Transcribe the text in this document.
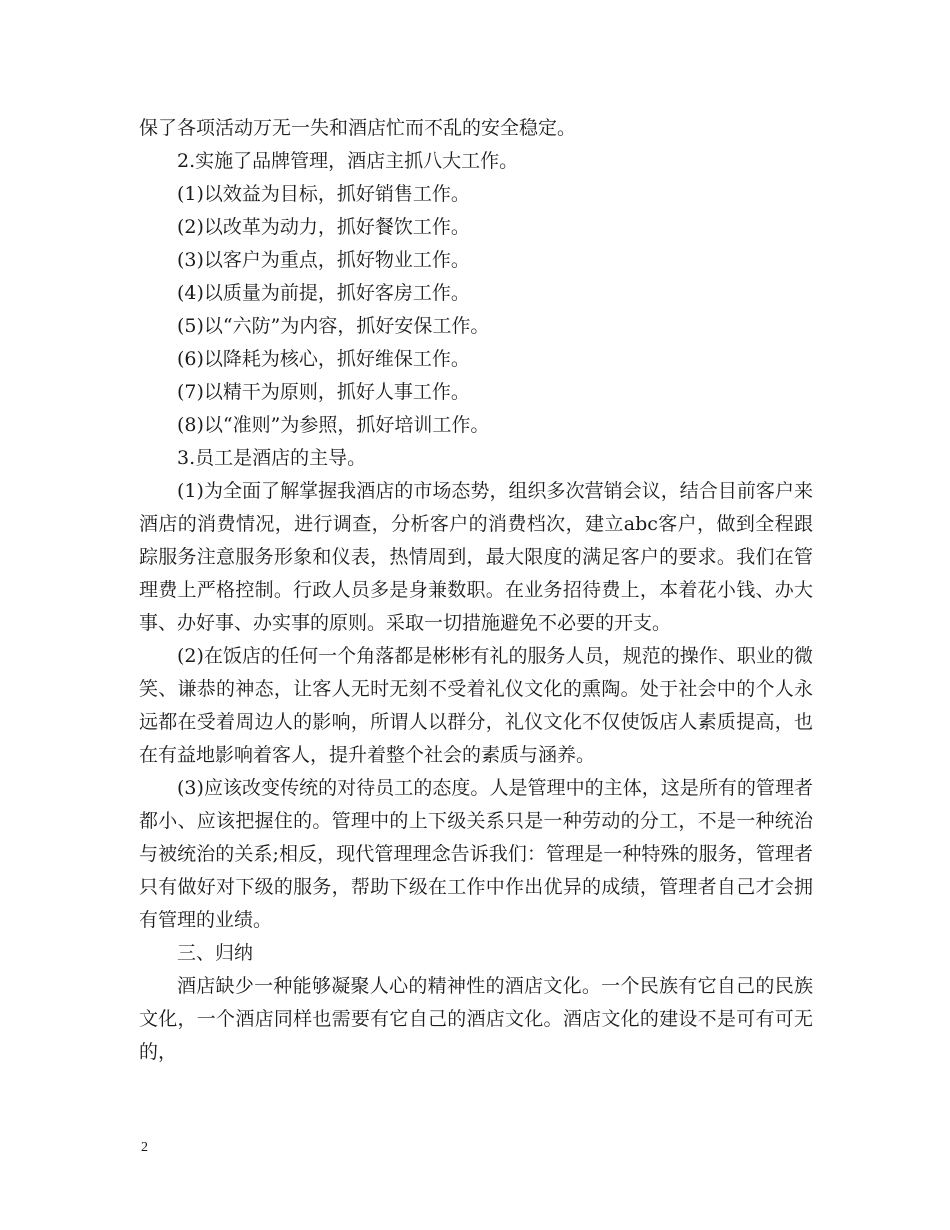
保了各项活动万无一失和酒店忙而不乱的安全稳定。

2.实施了品牌管理，酒店主抓八大工作。

(1)以效益为目标，抓好销售工作。

(2)以改革为动力，抓好餐饮工作。

(3)以客户为重点，抓好物业工作。

(4)以质量为前提，抓好客房工作。

(5)以“六防”为内容，抓好安保工作。

(6)以降耗为核心，抓好维保工作。

(7)以精干为原则，抓好人事工作。

(8)以“准则”为参照，抓好培训工作。

3.员工是酒店的主导。

(1)为全面了解掌握我酒店的市场态势，组织多次营销会议，结合目前客户来酒店的消费情况，进行调查，分析客户的消费档次，建立abc客户，做到全程跟踪服务注意服务形象和仪表，热情周到，最大限度的满足客户的要求。我们在管理费上严格控制。行政人员多是身兼数职。在业务招待费上，本着花小钱、办大事、办好事、办实事的原则。采取一切措施避免不必要的开支。

(2)在饭店的任何一个角落都是彬彬有礼的服务人员，规范的操作、职业的微笑、谦恭的神态，让客人无时无刻不受着礼仪文化的熏陶。处于社会中的个人永远都在受着周边人的影响，所谓人以群分，礼仪文化不仅使饭店人素质提高，也在有益地影响着客人，提升着整个社会的素质与涵养。

(3)应该改变传统的对待员工的态度。人是管理中的主体，这是所有的管理者都小、应该把握住的。管理中的上下级关系只是一种劳动的分工，不是一种统治与被统治的关系;相反，现代管理理念告诉我们：管理是一种特殊的服务，管理者只有做好对下级的服务，帮助下级在工作中作出优异的成绩，管理者自己才会拥有管理的业绩。

三、归纳

酒店缺少一种能够凝聚人心的精神性的酒店文化。一个民族有它自己的民族文化，一个酒店同样也需要有它自己的酒店文化。酒店文化的建设不是可有可无的，

2
